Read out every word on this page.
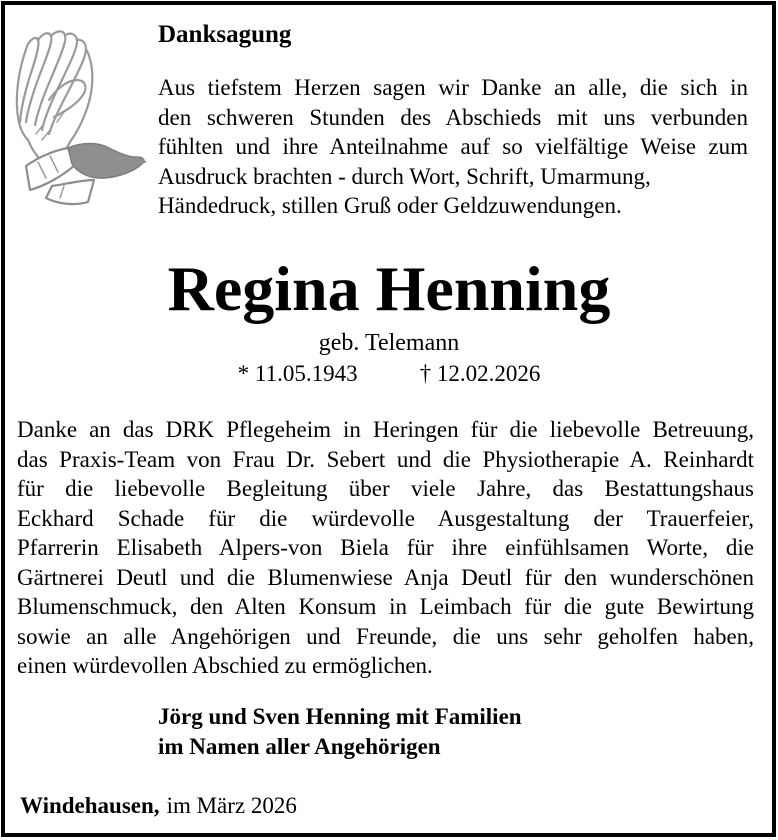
Danksagung
Aus tiefstem Herzen sagen wir Danke an alle, die sich in
den schweren Stunden des Abschieds mit uns verbunden
fühlten und ihre Anteilnahme auf so vielfältige Weise zum
Ausdruck brachten - durch Wort, Schrift, Umarmung,
Händedruck, stillen Gruß oder Geldzuwendungen.
Regina Henning
geb. Telemann
* 11.05.1943	† 12.02.2026
Danke an das DRK Pflegeheim in Heringen für die liebevolle Betreuung,
das Praxis-Team von Frau Dr. Sebert und die Physiotherapie A. Reinhardt
für die liebevolle Begleitung über viele Jahre, das Bestattungshaus
Eckhard Schade für die würdevolle Ausgestaltung der Trauerfeier,
Pfarrerin Elisabeth Alpers-von Biela für ihre einfühlsamen Worte, die
Gärtnerei Deutl und die Blumenwiese Anja Deutl für den wunderschönen
Blumenschmuck, den Alten Konsum in Leimbach für die gute Bewirtung
sowie an alle Angehörigen und Freunde, die uns sehr geholfen haben,
einen würdevollen Abschied zu ermöglichen.
Jörg und Sven Henning mit Familien
im Namen aller Angehörigen
Windehausen, im März 2026
